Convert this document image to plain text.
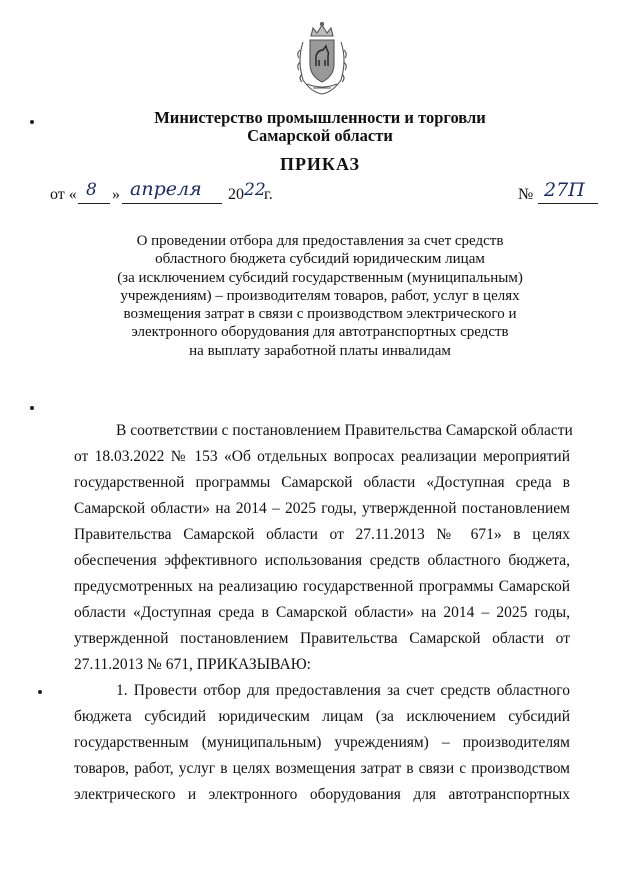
Министерство промышленности и торговли
Самарской области
ПРИКАЗ
от « 8 » апреля 20 22
г.	№ 27П
О проведении отбора для предоставления за счет средств
областного бюджета субсидий юридическим лицам
(за исключением субсидий государственным (муниципальным)
учреждениям) – производителям товаров, работ, услуг в целях
возмещения затрат в связи с производством электрического и
электронного оборудования для автотранспортных средств
на выплату заработной платы инвалидам
В соответствии с постановлением Правительства Самарской области
от 18.03.2022 № 153 «Об отдельных вопросах реализации мероприятий
государственной программы Самарской области «Доступная среда в
Самарской области» на 2014 – 2025 годы, утвержденной постановлением
Правительства Самарской области от 27.11.2013 № 671» в целях
обеспечения эффективного использования средств областного бюджета,
предусмотренных на реализацию государственной программы Самарской
области «Доступная среда в Самарской области» на 2014 – 2025 годы,
утвержденной постановлением Правительства Самарской области от
27.11.2013 № 671, ПРИКАЗЫВАЮ:
1. Провести отбор для предоставления за счет средств областного
бюджета субсидий юридическим лицам (за исключением субсидий
государственным (муниципальным) учреждениям) – производителям
товаров, работ, услуг в целях возмещения затрат в связи с производством
электрического и электронного оборудования для автотранспортных
